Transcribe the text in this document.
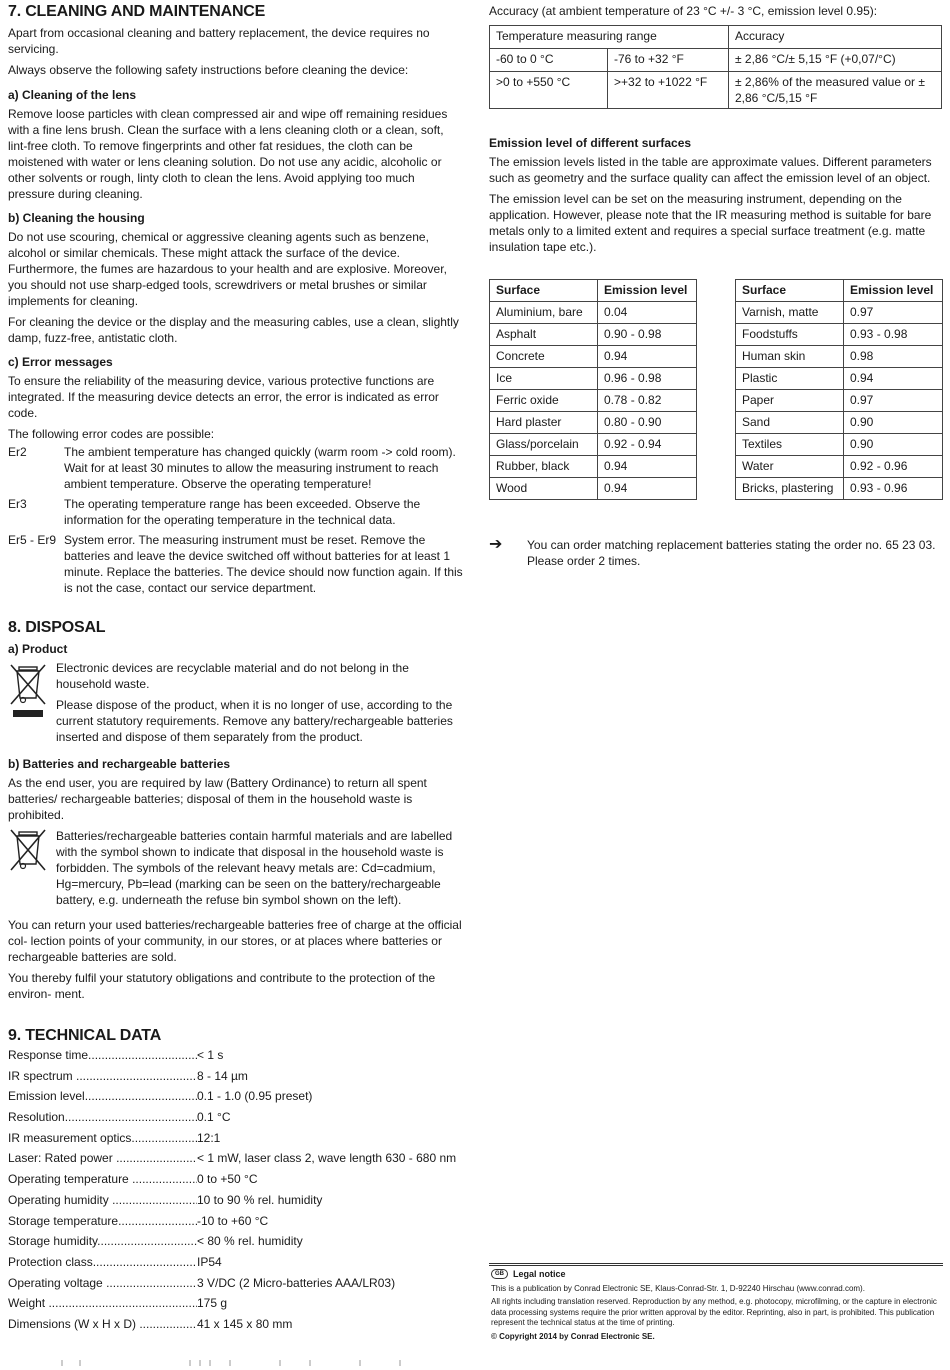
7. CLEANING AND MAINTENANCE

Apart from occasional cleaning and battery replacement, the device requires no servicing.

Always observe the following safety instructions before cleaning the device:

a) Cleaning of the lens

Remove loose particles with clean compressed air and wipe off remaining residues with a fine lens brush. Clean the surface with a lens cleaning cloth or a clean, soft, lint-free cloth. To remove fingerprints and other fat residues, the cloth can be moistened with water or lens cleaning solution. Do not use any acidic, alcoholic or other solvents or rough, linty cloth to clean the lens. Avoid applying too much pressure during cleaning.

b) Cleaning the housing

Do not use scouring, chemical or aggressive cleaning agents such as benzene, alcohol or similar chemicals. These might attack the surface of the device. Furthermore, the fumes are hazardous to your health and are explosive. Moreover, you should not use sharp-edged tools, screwdrivers or metal brushes or similar implements for cleaning.

For cleaning the device or the display and the measuring cables, use a clean, slightly damp, fuzz-free, antistatic cloth.

c) Error messages

To ensure the reliability of the measuring device, various protective functions are integrated. If the measuring device detects an error, the error is indicated as error code.

The following error codes are possible:

Er2	The ambient temperature has changed quickly (warm room -> cold room). Wait for at least 30 minutes to allow the measuring instrument to reach ambient temperature. Observe the operating temperature!
Er3	The operating temperature range has been exceeded. Observe the information for the operating temperature in the technical data.
Er5 - Er9 System error. The measuring instrument must be reset. Remove the batteries and leave the device switched off without batteries for at least 1 minute. Replace the batteries. The device should now function again. If this is not the case, contact our service department.
8. DISPOSAL
a) Product

Electronic devices are recyclable material and do not belong in the household waste.

Please dispose of the product, when it is no longer of use, according to the current statutory requirements. Remove any battery/rechargeable batteries inserted and dispose of them separately from the product.

b) Batteries and rechargeable batteries

As the end user, you are required by law (Battery Ordinance) to return all spent batteries/ rechargeable batteries; disposal of them in the household waste is prohibited.

Batteries/rechargeable batteries contain harmful materials and are labelled with the symbol shown to indicate that disposal in the household waste is forbidden. The symbols of the relevant heavy metals are: Cd=cadmium, Hg=mercury, Pb=lead (marking can be seen on the battery/rechargeable battery, e.g. underneath the refuse bin symbol shown on the left).

You can return your used batteries/rechargeable batteries free of charge at the official col- lection points of your community, in our stores, or at places where batteries or rechargeable batteries are sold.

You thereby fulfil your statutory obligations and contribute to the protection of the environ- ment.

9. TECHNICAL DATA
Response time .....	< 1 s
IR spectrum .....	8 - 14 µm
Emission level .....	0.1 - 1.0 (0.95 preset)
Resolution .....	0.1 °C
IR measurement optics .....	12:1
Laser: Rated power .....	< 1 mW, laser class 2, wave length 630 - 680 nm
Operating temperature .....	0 to +50 °C
Operating humidity .....	10 to 90 % rel. humidity
Storage temperature .....	-10 to +60 °C
Storage humidity .....	< 80 % rel. humidity
Protection class .....	IP54
Operating voltage .....	3 V/DC (2 Micro-batteries AAA/LR03)
Weight .....	175 g
Dimensions (W x H x D) .....	41 x 145 x 80 mm

Accuracy (at ambient temperature of 23 °C +/- 3 °C, emission level 0.95):

Temperature measuring range		Accuracy
-60 to 0 °C	-76 to +32 °F	± 2,86 °C/± 5,15 °F (+0,07/°C)
>0 to +550 °C	>+32 to +1022 °F	± 2,86% of the measured value or ± 2,86 °C/5,15 °F
Emission level of different surfaces

The emission levels listed in the table are approximate values. Different parameters such as geometry and the surface quality can affect the emission level of an object.

The emission level can be set on the measuring instrument, depending on the application. However, please note that the IR measuring method is suitable for bare metals only to a limited extent and requires a special surface treatment (e.g. matte insulation tape etc.).

Surface	Emission level
Aluminium, bare	0.04
Asphalt	0.90 - 0.98
Concrete	0.94
Ice	0.96 - 0.98
Ferric oxide	0.78 - 0.82
Hard plaster	0.80 - 0.90
Glass/porcelain	0.92 - 0.94
Rubber, black	0.94
Wood	0.94
Surface	Emission level
Varnish, matte	0.97
Foodstuffs	0.93 - 0.98
Human skin	0.98
Plastic	0.94
Paper	0.97
Sand	0.90
Textiles	0.90
Water	0.92 - 0.96
Bricks, plastering	0.93 - 0.96
➔	You can order matching replacement batteries stating the order no. 65 23 03.
Please order 2 times.
GB	Legal notice

This is a publication by Conrad Electronic SE, Klaus-Conrad-Str. 1, D-92240 Hirschau (www.conrad.com).

All rights including translation reserved. Reproduction by any method, e.g. photocopy, microfilming, or the capture in electronic data processing systems require the prior written approval by the editor. Reprinting, also in part, is prohibited. This publication represent the technical status at the time of printing.

© Copyright 2014 by Conrad Electronic SE.
